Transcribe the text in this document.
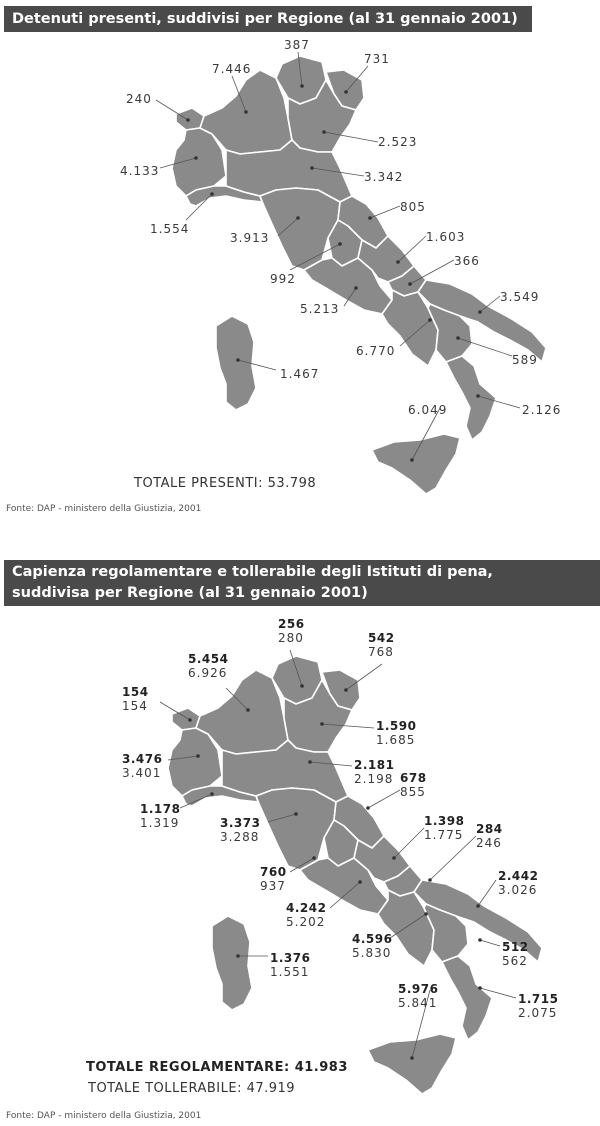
Detenuti presenti, suddivisi per Regione (al 31 gennaio 2001)
387
731
7.446
240
2.523
4.133	3.342
805
1.554
3.913	1.603
366
992
5.213
3.549
6.770
589
1.467
6.049	2.126
TOTALE PRESENTI: 53.798
Fonte: DAP - ministero della Giustizia, 2001
Capienza regolamentare e tollerabile degli Istituti di pena,
suddivisa per Regione (al 31 gennaio 2001)
256
280	542
768
5.454
6.926
154
154
1.590
1.685
3.476
3.401
2.181
2.198 678
855
1.178
1.319	3.373
3.288
1.398
1.775 284
246
760
937
4.242
5.202
2.442
3.026
4.596
5.830	512
562
1.376
1.551
5.976
5.841	1.715
2.075
TOTALE REGOLAMENTARE: 41.983
TOTALE TOLLERABILE: 47.919
Fonte: DAP - ministero della Giustizia, 2001
